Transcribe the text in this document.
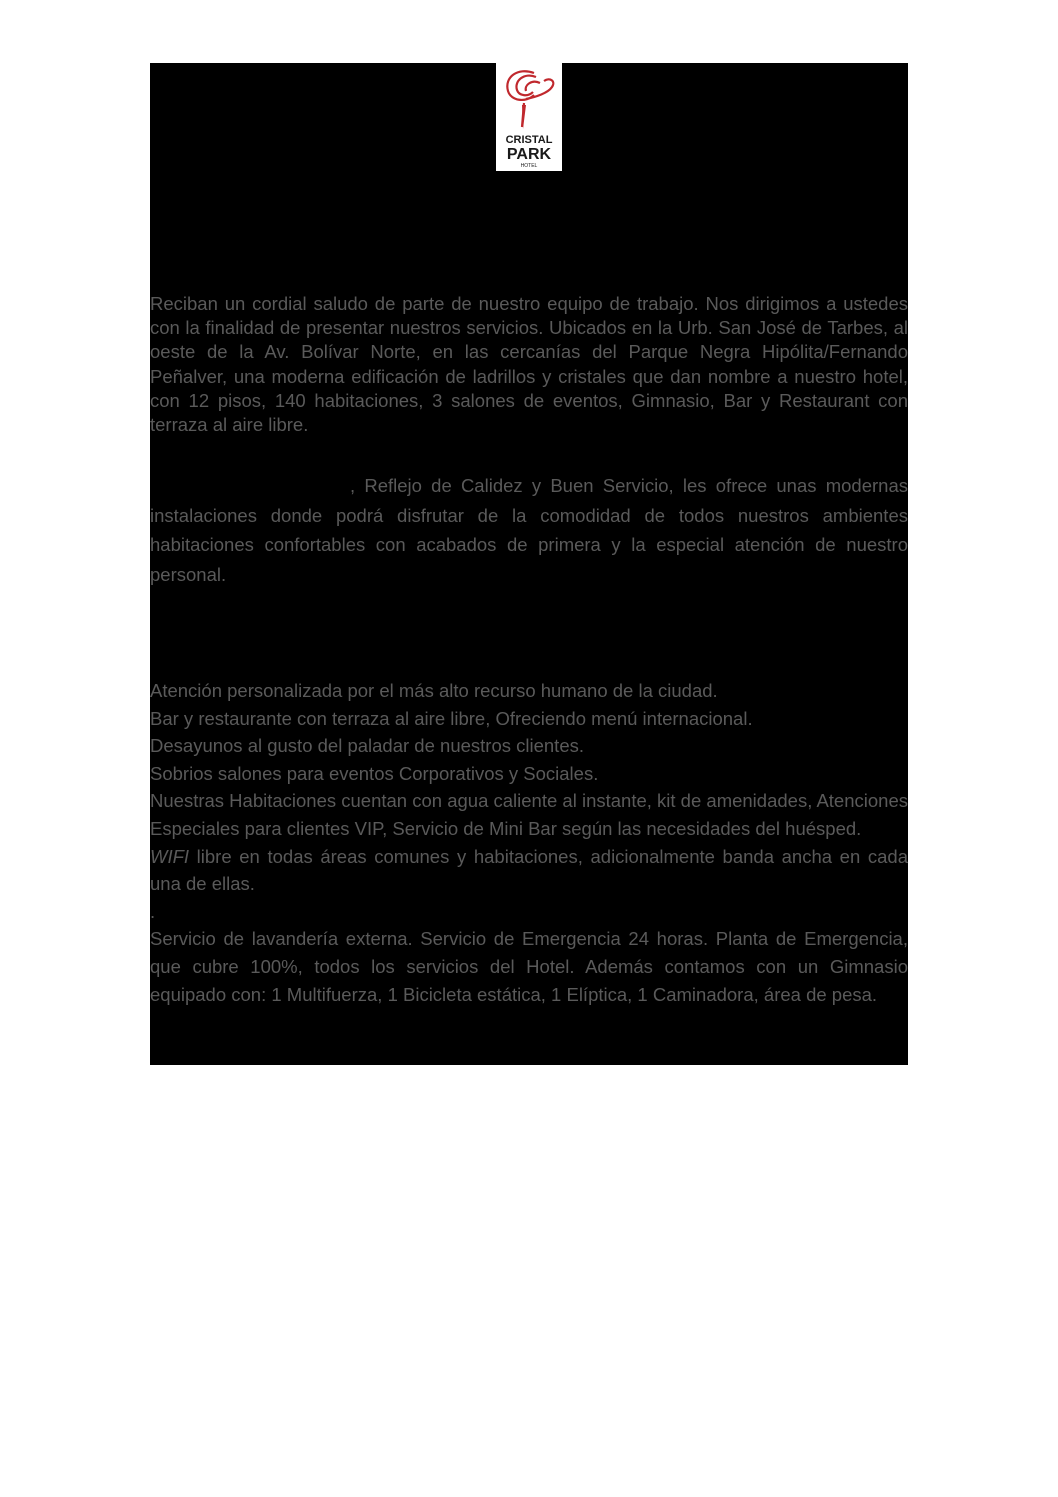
CRISTAL
PARK
HOTEL

Reciban un cordial saludo de parte de nuestro equipo de trabajo. Nos dirigimos a ustedes con la finalidad de presentar nuestros servicios. Ubicados en la Urb. San José de Tarbes, al oeste de la Av. Bolívar Norte, en las cercanías del Parque Negra Hipólita/Fernando Peñalver, una moderna edificación de ladrillos y cristales que dan nombre a nuestro hotel, con 12 pisos, 140 habitaciones, 3 salones de eventos, Gimnasio, Bar y Restaurant con terraza al aire libre.

, Reflejo de Calidez y Buen Servicio, les ofrece unas modernas instalaciones donde podrá disfrutar de la comodidad de todos nuestros ambientes habitaciones confortables con acabados de primera y la especial atención de nuestro personal.

Atención personalizada por el más alto recurso humano de la ciudad.

Bar y restaurante con terraza al aire libre, Ofreciendo menú internacional.

Desayunos al gusto del paladar de nuestros clientes.

Sobrios salones para eventos Corporativos y Sociales.

Nuestras Habitaciones cuentan con agua caliente al instante, kit de amenidades, Atenciones Especiales para clientes VIP, Servicio de Mini Bar según las necesidades del huésped.

WIFI libre en todas áreas comunes y habitaciones, adicionalmente banda ancha en cada una de ellas.

.

Servicio de lavandería externa. Servicio de Emergencia 24 horas. Planta de Emergencia, que cubre 100%, todos los servicios del Hotel. Además contamos con un Gimnasio equipado con: 1 Multifuerza, 1 Bicicleta estática, 1 Elíptica, 1 Caminadora, área de pesa.
